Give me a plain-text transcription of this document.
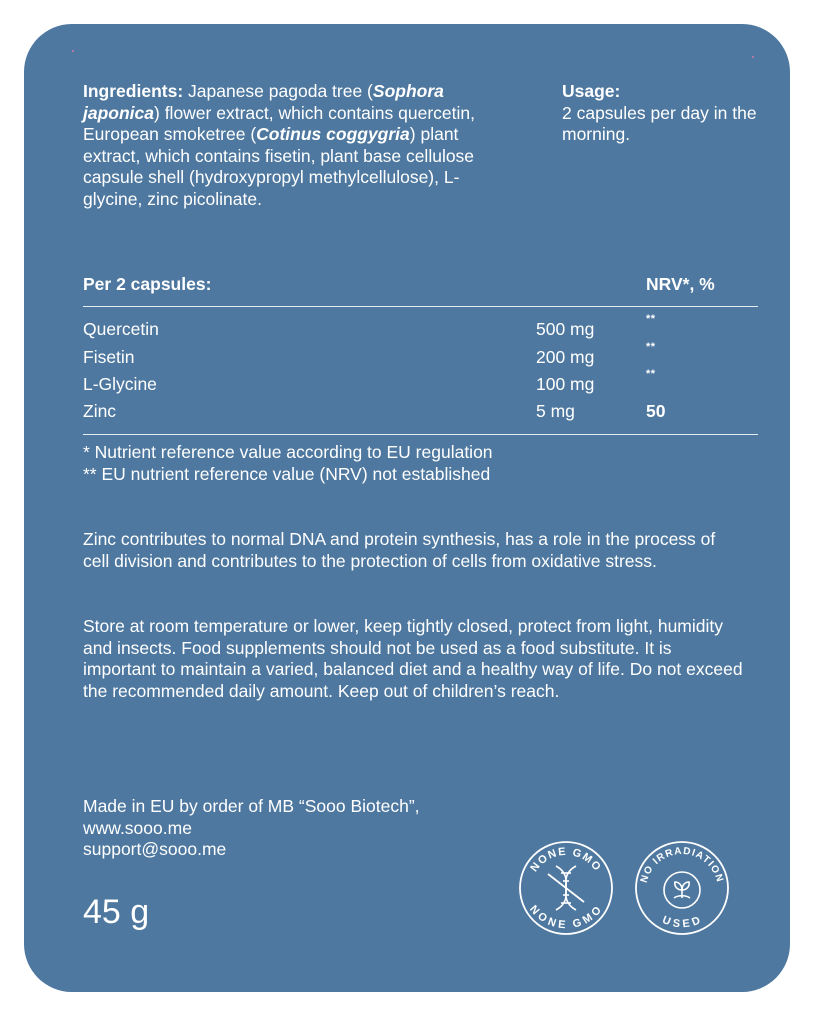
Ingredients: Japanese pagoda tree (Sophora japonica) flower extract, which contains quercetin, European smoketree (Cotinus coggygria) plant extract, which contains fisetin, plant base cellulose capsule shell (hydroxypropyl methylcellulose), L-glycine, zinc picolinate.

Usage:

2 capsules per day in the morning.

Per 2 capsules:	NRV*, %
Quercetin	500 mg	**
Fisetin	200 mg	**
L-Glycine	100 mg	**
Zinc	5 mg	50

* Nutrient reference value according to EU regulation

** EU nutrient reference value (NRV) not established

Zinc contributes to normal DNA and protein synthesis, has a role in the process of cell division and contributes to the protection of cells from oxidative stress.

Store at room temperature or lower, keep tightly closed, protect from light, humidity and insects. Food supplements should not be used as a food substitute. It is important to maintain a varied, balanced diet and a healthy way of life. Do not exceed the recommended daily amount. Keep out of children’s reach.

Made in EU by order of MB “Sooo Biotech”,

www.sooo.me

support@sooo.me

45 g
NONE GMO
NONE GMO
NO IRRADIATION
USED
